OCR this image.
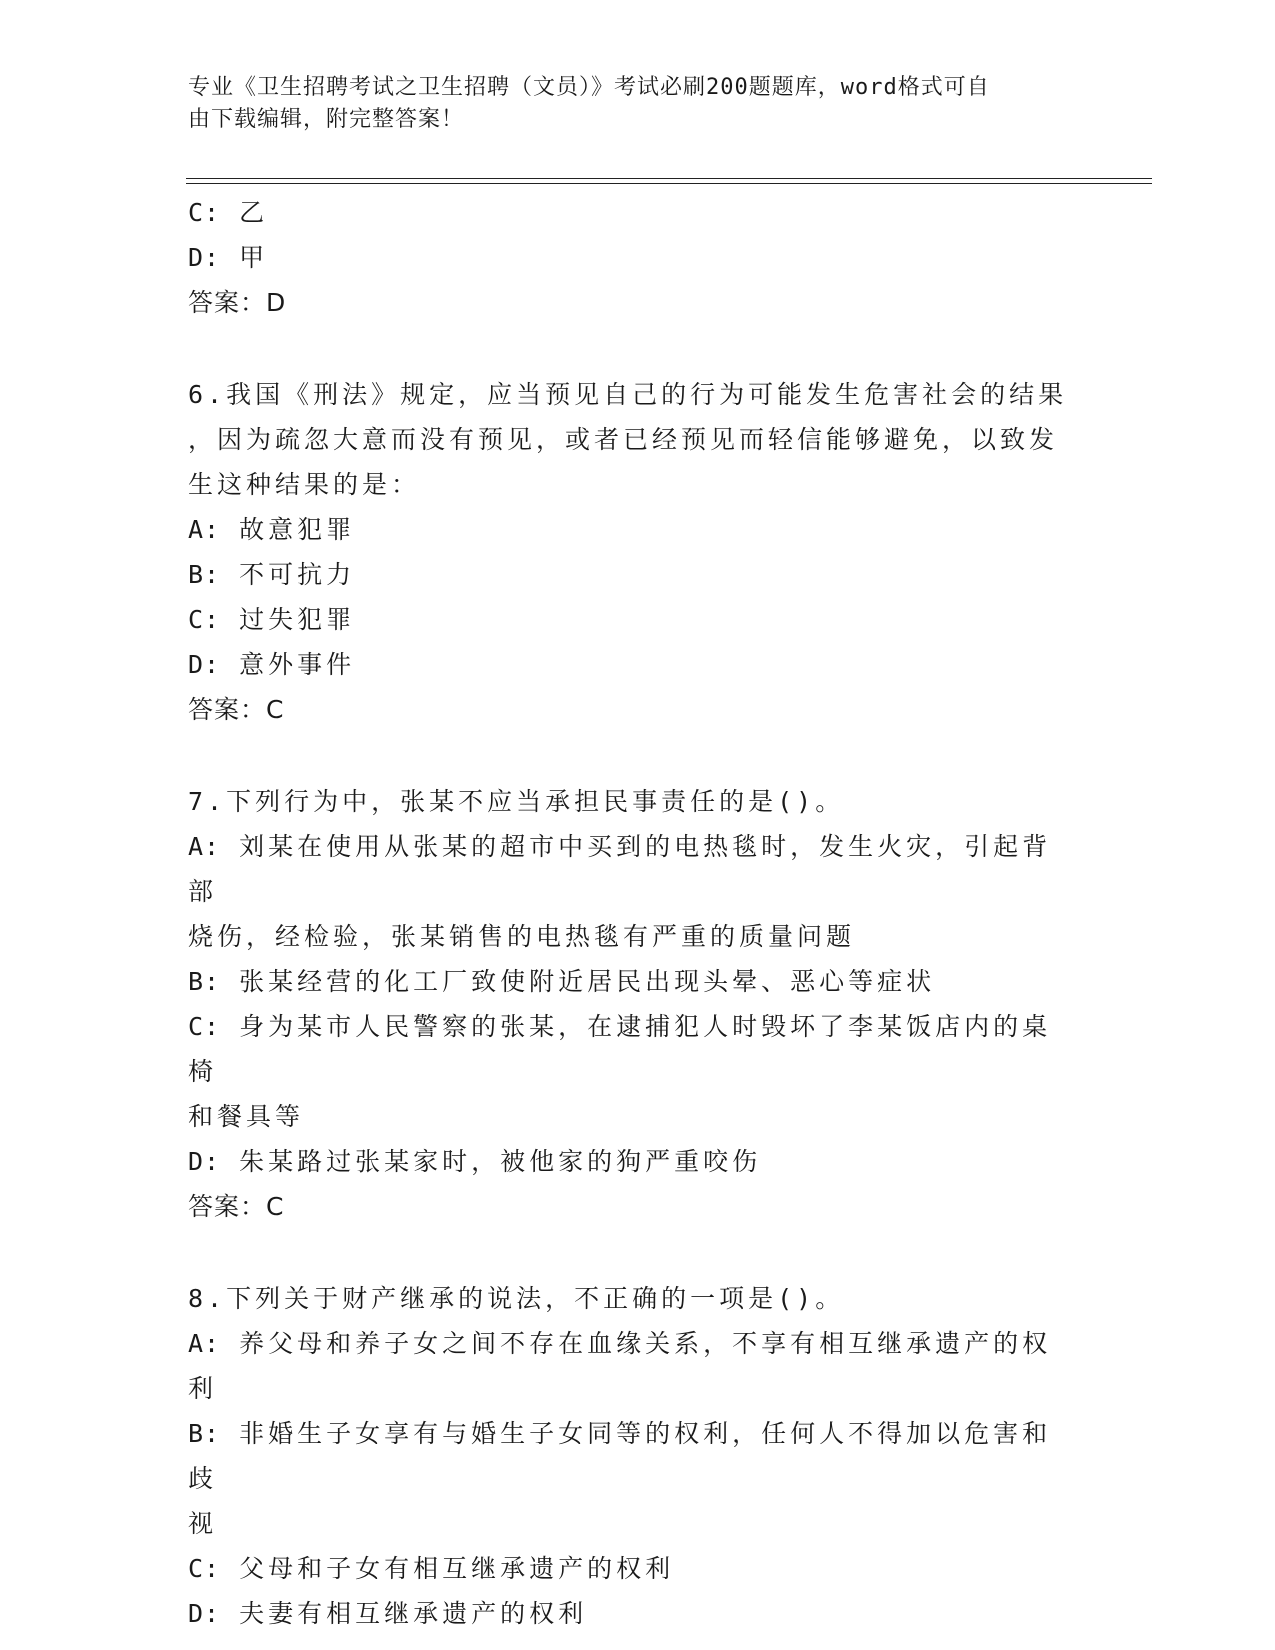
专业《卫生招聘考试之卫生招聘（文员）》考试必刷200题题库，word格式可自
由下载编辑，附完整答案！
C: 乙
D: 甲
答案：D
6.我国《刑法》规定，应当预见自己的行为可能发生危害社会的结果
，因为疏忽大意而没有预见，或者已经预见而轻信能够避免，以致发
生这种结果的是：
A: 故意犯罪
B: 不可抗力
C: 过失犯罪
D: 意外事件
答案：C
7.下列行为中，张某不应当承担民事责任的是()。
A: 刘某在使用从张某的超市中买到的电热毯时，发生火灾，引起背部
烧伤，经检验，张某销售的电热毯有严重的质量问题
B: 张某经营的化工厂致使附近居民出现头晕、恶心等症状
C: 身为某市人民警察的张某，在逮捕犯人时毁坏了李某饭店内的桌椅
和餐具等
D: 朱某路过张某家时，被他家的狗严重咬伤
答案：C
8.下列关于财产继承的说法，不正确的一项是()。
A: 养父母和养子女之间不存在血缘关系，不享有相互继承遗产的权利
B: 非婚生子女享有与婚生子女同等的权利，任何人不得加以危害和歧
视
C: 父母和子女有相互继承遗产的权利
D: 夫妻有相互继承遗产的权利
